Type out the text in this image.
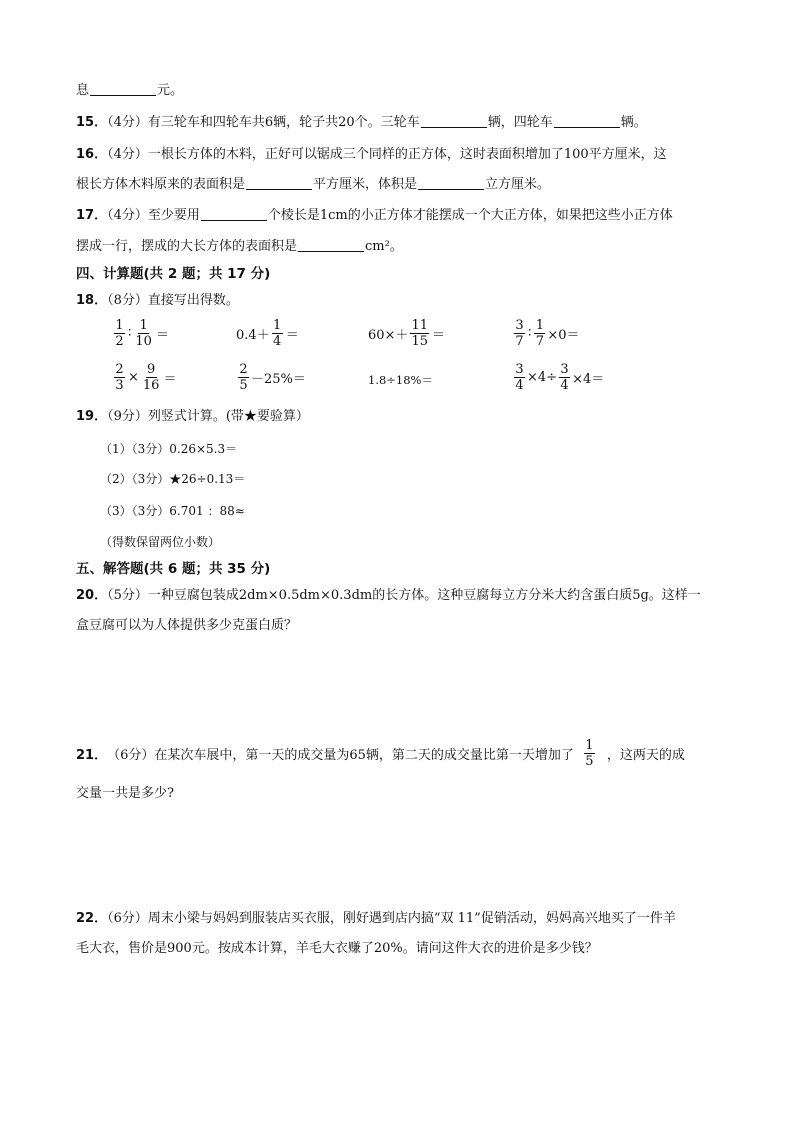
息	元。
15．（4分）有三轮车和四轮车共6辆，轮子共20个。三轮车	辆，四轮车	辆。
16．（4分）一根长方体的木料，正好可以锯成三个同样的正方体，这时表面积增加了100平方厘米，这
根长方体木料原来的表面积是	平方厘米，体积是	立方厘米。
17．（4分）至少要用	个棱长是1cm的小正方体才能摆成一个大正方体，如果把这些小正方体
摆成一行，摆成的大长方体的表面积是	cm²。
四、计算题(共 2 题；共 17 分)
18．（8分）直接写出得数。
$\frac{1}{2}$ ∶ $\frac{1}{10}$ ＝	$0.4+ \frac{1}{4}$ ＝	$60\times+ \frac{11}{15}$ ＝	$\frac{3}{7}$ ∶ $\frac{1}{7} \times 0=$
$\frac{2}{3} \times \frac{9}{16}$ ＝	$\frac{2}{5} -25\%=$	1.8÷18%＝	$\frac{3}{4} \times 4\div \frac{3}{4} \times 4=$
19．（9分）列竖式计算。(带★要验算）
（1）（3分）0.26×5.3＝
（2）（3分）★26÷0.13＝
（3）（3分）6.701 ：88≈
（得数保留两位小数）
五、解答题(共 6 题；共 35 分)
20．（5分）一种豆腐包装成2dm×0.5dm×0.3dm的长方体。这种豆腐每立方分米大约含蛋白质5g。这样一
盒豆腐可以为人体提供多少克蛋白质？
21． （6分）在某次车展中，第一天的成交量为65辆，第二天的成交量比第一天增加了 $\frac{1}{5}$ ，这两天的成
交量一共是多少?
22．（6分）周末小梁与妈妈到服装店买衣服，刚好遇到店内搞“双 11”促销活动，妈妈高兴地买了一件羊
毛大衣，售价是900元。按成本计算，羊毛大衣赚了20%。请问这件大衣的进价是多少钱？
